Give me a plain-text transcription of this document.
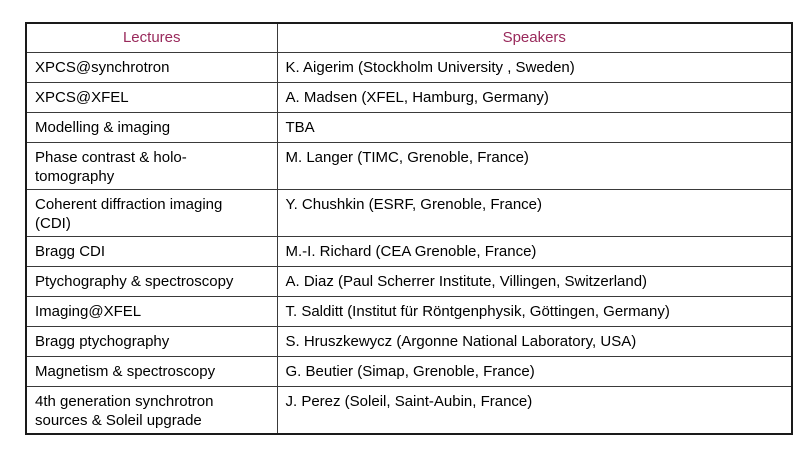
Lectures	Speakers
XPCS@synchrotron	K. Aigerim (Stockholm University , Sweden)
XPCS@XFEL	A. Madsen (XFEL, Hamburg, Germany)
Modelling & imaging	TBA
Phase contrast & holo-tomography	M. Langer (TIMC, Grenoble, France)
Coherent diffraction imaging (CDI)	Y. Chushkin (ESRF, Grenoble, France)
Bragg CDI	M.-I. Richard (CEA Grenoble, France)
Ptychography & spectroscopy	A. Diaz (Paul Scherrer Institute, Villingen, Switzerland)
Imaging@XFEL	T. Salditt (Institut für Röntgenphysik, Göttingen, Germany)
Bragg ptychography	S. Hruszkewycz (Argonne National Laboratory, USA)
Magnetism & spectroscopy	G. Beutier (Simap, Grenoble, France)
4th generation synchrotron sources & Soleil upgrade	J. Perez (Soleil, Saint-Aubin, France)
